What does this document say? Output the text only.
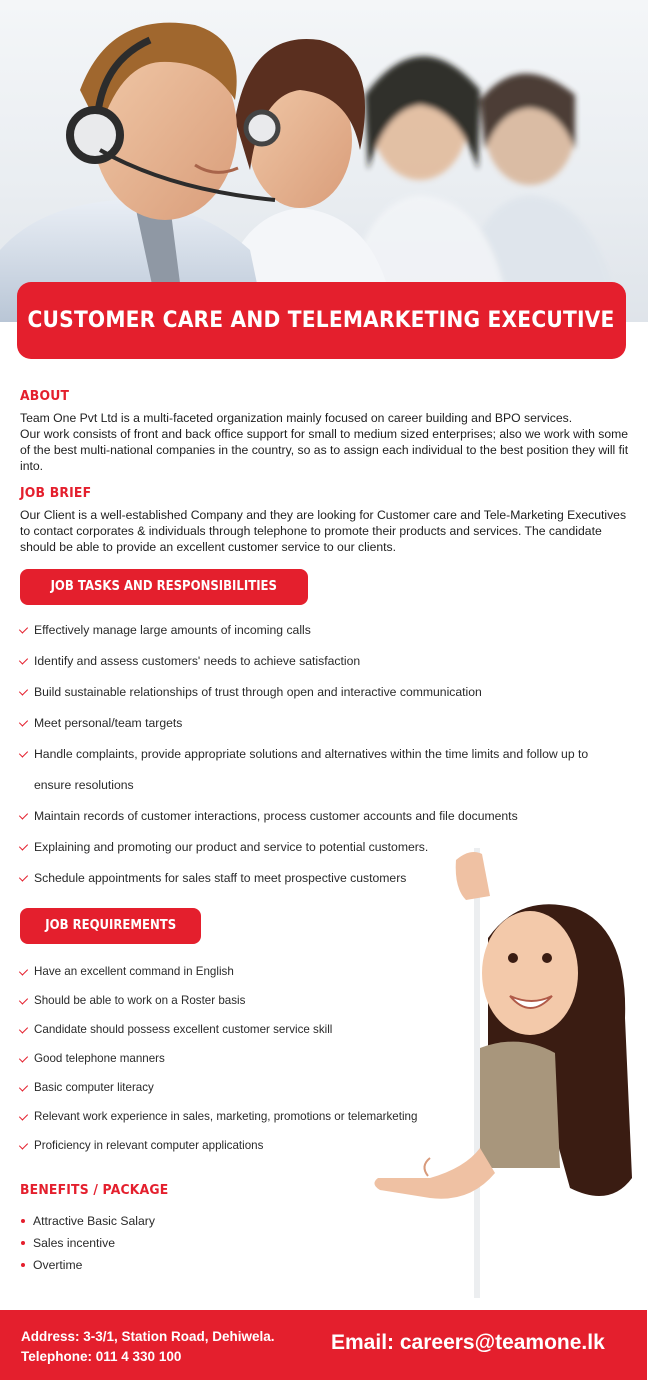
CUSTOMER CARE AND TELEMARKETING EXECUTIVE
ABOUT

Team One Pvt Ltd is a multi-faceted organization mainly focused on career building and BPO services.

Our work consists of front and back office support for small to medium sized enterprises; also we work with some of the best multi-national companies in the country, so as to assign each individual to the best position they will fit into.

JOB BRIEF

Our Client is a well-established Company and they are looking for Customer care and Tele-Marketing Executives to contact corporates & individuals through telephone to promote their products and services. The candidate should be able to provide an excellent customer service to our clients.

JOB TASKS AND RESPONSIBILITIES
Effectively manage large amounts of incoming calls
Identify and assess customers' needs to achieve satisfaction
Build sustainable relationships of trust through open and interactive communication
Meet personal/team targets
Handle complaints, provide appropriate solutions and alternatives within the time limits and follow up to ensure resolutions
Maintain records of customer interactions, process customer accounts and file documents
Explaining and promoting our product and service to potential customers.
Schedule appointments for sales staff to meet prospective customers
JOB REQUIREMENTS
Have an excellent command in English
Should be able to work on a Roster basis
Candidate should possess excellent customer service skill
Good telephone manners
Basic computer literacy
Relevant work experience in sales, marketing, promotions or telemarketing
Proficiency in relevant computer applications
BENEFITS / PACKAGE
Attractive Basic Salary
Sales incentive
Overtime
Address: 3-3/1, Station Road, Dehiwela.
Telephone: 011 4 330 100
Email: careers@teamone.lk
